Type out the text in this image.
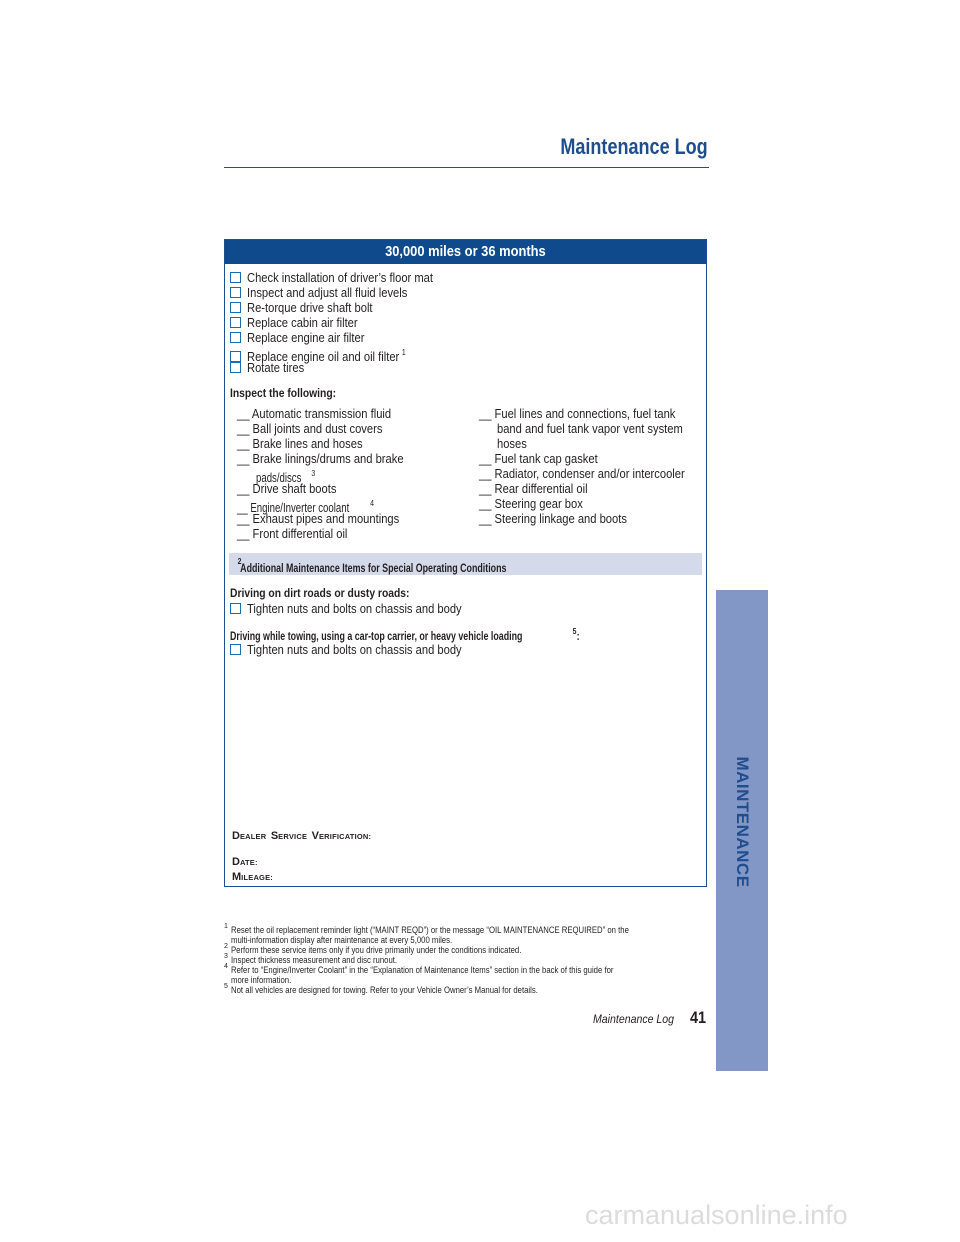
Maintenance Log
30,000 miles or 36 months
Check installation of driver’s floor mat
Inspect and adjust all fluid levels
Re-torque drive shaft bolt
Replace cabin air filter
Replace engine air filter
Replace engine oil and oil filter $^1$
Rotate tires
Inspect the following:
__ Automatic transmission fluid
__ Ball joints and dust covers
__ Brake lines and hoses
__ Brake linings/drums and brake
pads/discs $^3$
__ Drive shaft boots
__ Engine/Inverter coolant	$^4$
__ Exhaust pipes and mountings
__ Front differential oil
__ Fuel lines and connections, fuel tank
band and fuel tank vapor vent system
hoses
__ Fuel tank cap gasket
__ Radiator, condenser and/or intercooler
__ Rear differential oil
__ Steering gear box
__ Steering linkage and boots
Additional Maintenance Items for Special Operating Conditions
$^2$
Driving on dirt roads or dusty roads:
Tighten nuts and bolts on chassis and body
Driving while towing, using a car-top carrier, or heavy vehicle loading	$^5$:
Tighten nuts and bolts on chassis and body
DEALER SERVICE VERIFICATION:
DATE:
MILEAGE:
1 Reset the oil replacement reminder light (“MAINT REQD”) or the message “OIL MAINTENANCE REQUIRED” on the
multi-information display after maintenance at every 5,000 miles.
2 Perform these service items only if you drive primarily under the conditions indicated.
3 Inspect thickness measurement and disc runout.
4 Refer to “Engine/Inverter Coolant” in the “Explanation of Maintenance Items” section in the back of this guide for
more information.
5 Not all vehicles are designed for towing. Refer to your Vehicle Owner’s Manual for details.
Maintenance Log 41
MAINTENANCE
carmanualsonline.info
